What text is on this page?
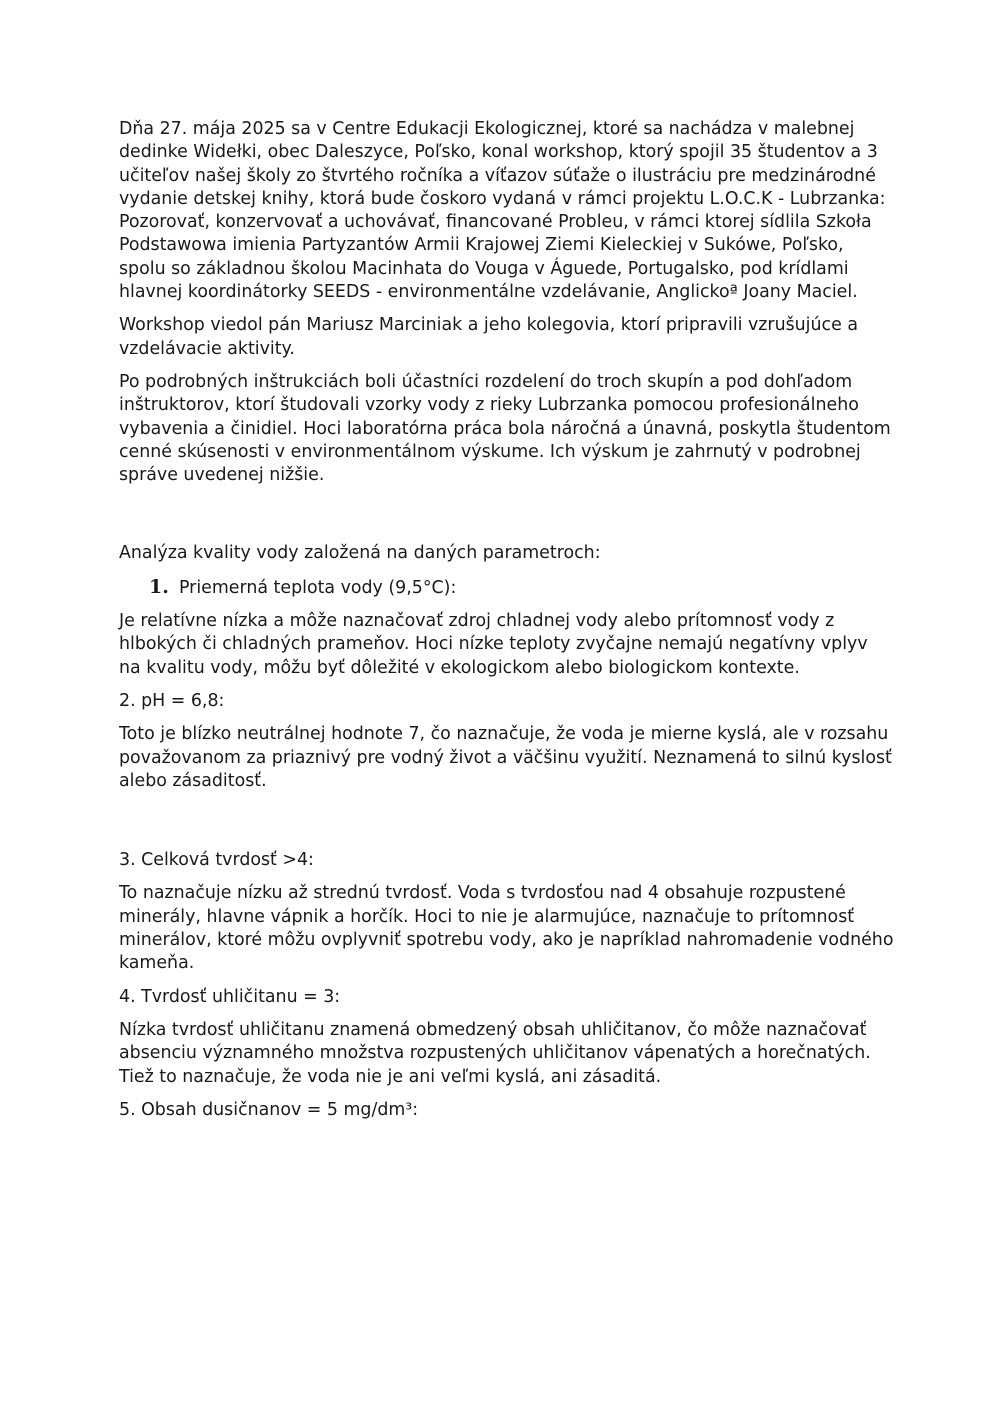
Dňa 27. mája 2025 sa v Centre Edukacji Ekologicznej, ktoré sa nachádza v malebnej dedinke Widełki, obec Daleszyce, Poľsko, konal workshop, ktorý spojil 35 študentov a 3 učiteľov našej školy zo štvrtého ročníka a víťazov súťaže o ilustráciu pre medzinárodné vydanie detskej knihy, ktorá bude čoskoro vydaná v rámci projektu L.O.C.K - Lubrzanka: Pozorovať, konzervovať a uchovávať, financované Probleu, v rámci ktorej sídlila Szkoła Podstawowa imienia Partyzantów Armii Krajowej Ziemi Kieleckiej v Sukówe, Poľsko, spolu so základnou školou Macinhata do Vouga v Águede, Portugalsko, pod krídlami hlavnej koordinátorky SEEDS - environmentálne vzdelávanie, Anglickoª Joany Maciel.

Workshop viedol pán Mariusz Marciniak a jeho kolegovia, ktorí pripravili vzrušujúce a vzdelávacie aktivity.

Po podrobných inštrukciách boli účastníci rozdelení do troch skupín a pod dohľadom inštruktorov, ktorí študovali vzorky vody z rieky Lubrzanka pomocou profesionálneho vybavenia a činidiel. Hoci laboratórna práca bola náročná a únavná, poskytla študentom cenné skúsenosti v environmentálnom výskume. Ich výskum je zahrnutý v podrobnej správe uvedenej nižšie.

Analýza kvality vody založená na daných parametroch:

1. Priemerná teplota vody (9,5°C):

Je relatívne nízka a môže naznačovať zdroj chladnej vody alebo prítomnosť vody z hlbokých či chladných prameňov. Hoci nízke teploty zvyčajne nemajú negatívny vplyv na kvalitu vody, môžu byť dôležité v ekologickom alebo biologickom kontexte.

2. pH = 6,8:

Toto je blízko neutrálnej hodnote 7, čo naznačuje, že voda je mierne kyslá, ale v rozsahu považovanom za priaznivý pre vodný život a väčšinu využití. Neznamená to silnú kyslosť alebo zásaditosť.

3. Celková tvrdosť >4:

To naznačuje nízku až strednú tvrdosť. Voda s tvrdosťou nad 4 obsahuje rozpustené minerály, hlavne vápnik a horčík. Hoci to nie je alarmujúce, naznačuje to prítomnosť minerálov, ktoré môžu ovplyvniť spotrebu vody, ako je napríklad nahromadenie vodného kameňa.

4. Tvrdosť uhličitanu = 3:

Nízka tvrdosť uhličitanu znamená obmedzený obsah uhličitanov, čo môže naznačovať absenciu významného množstva rozpustených uhličitanov vápenatých a horečnatých. Tiež to naznačuje, že voda nie je ani veľmi kyslá, ani zásaditá.

5. Obsah dusičnanov = 5 mg/dm³:
